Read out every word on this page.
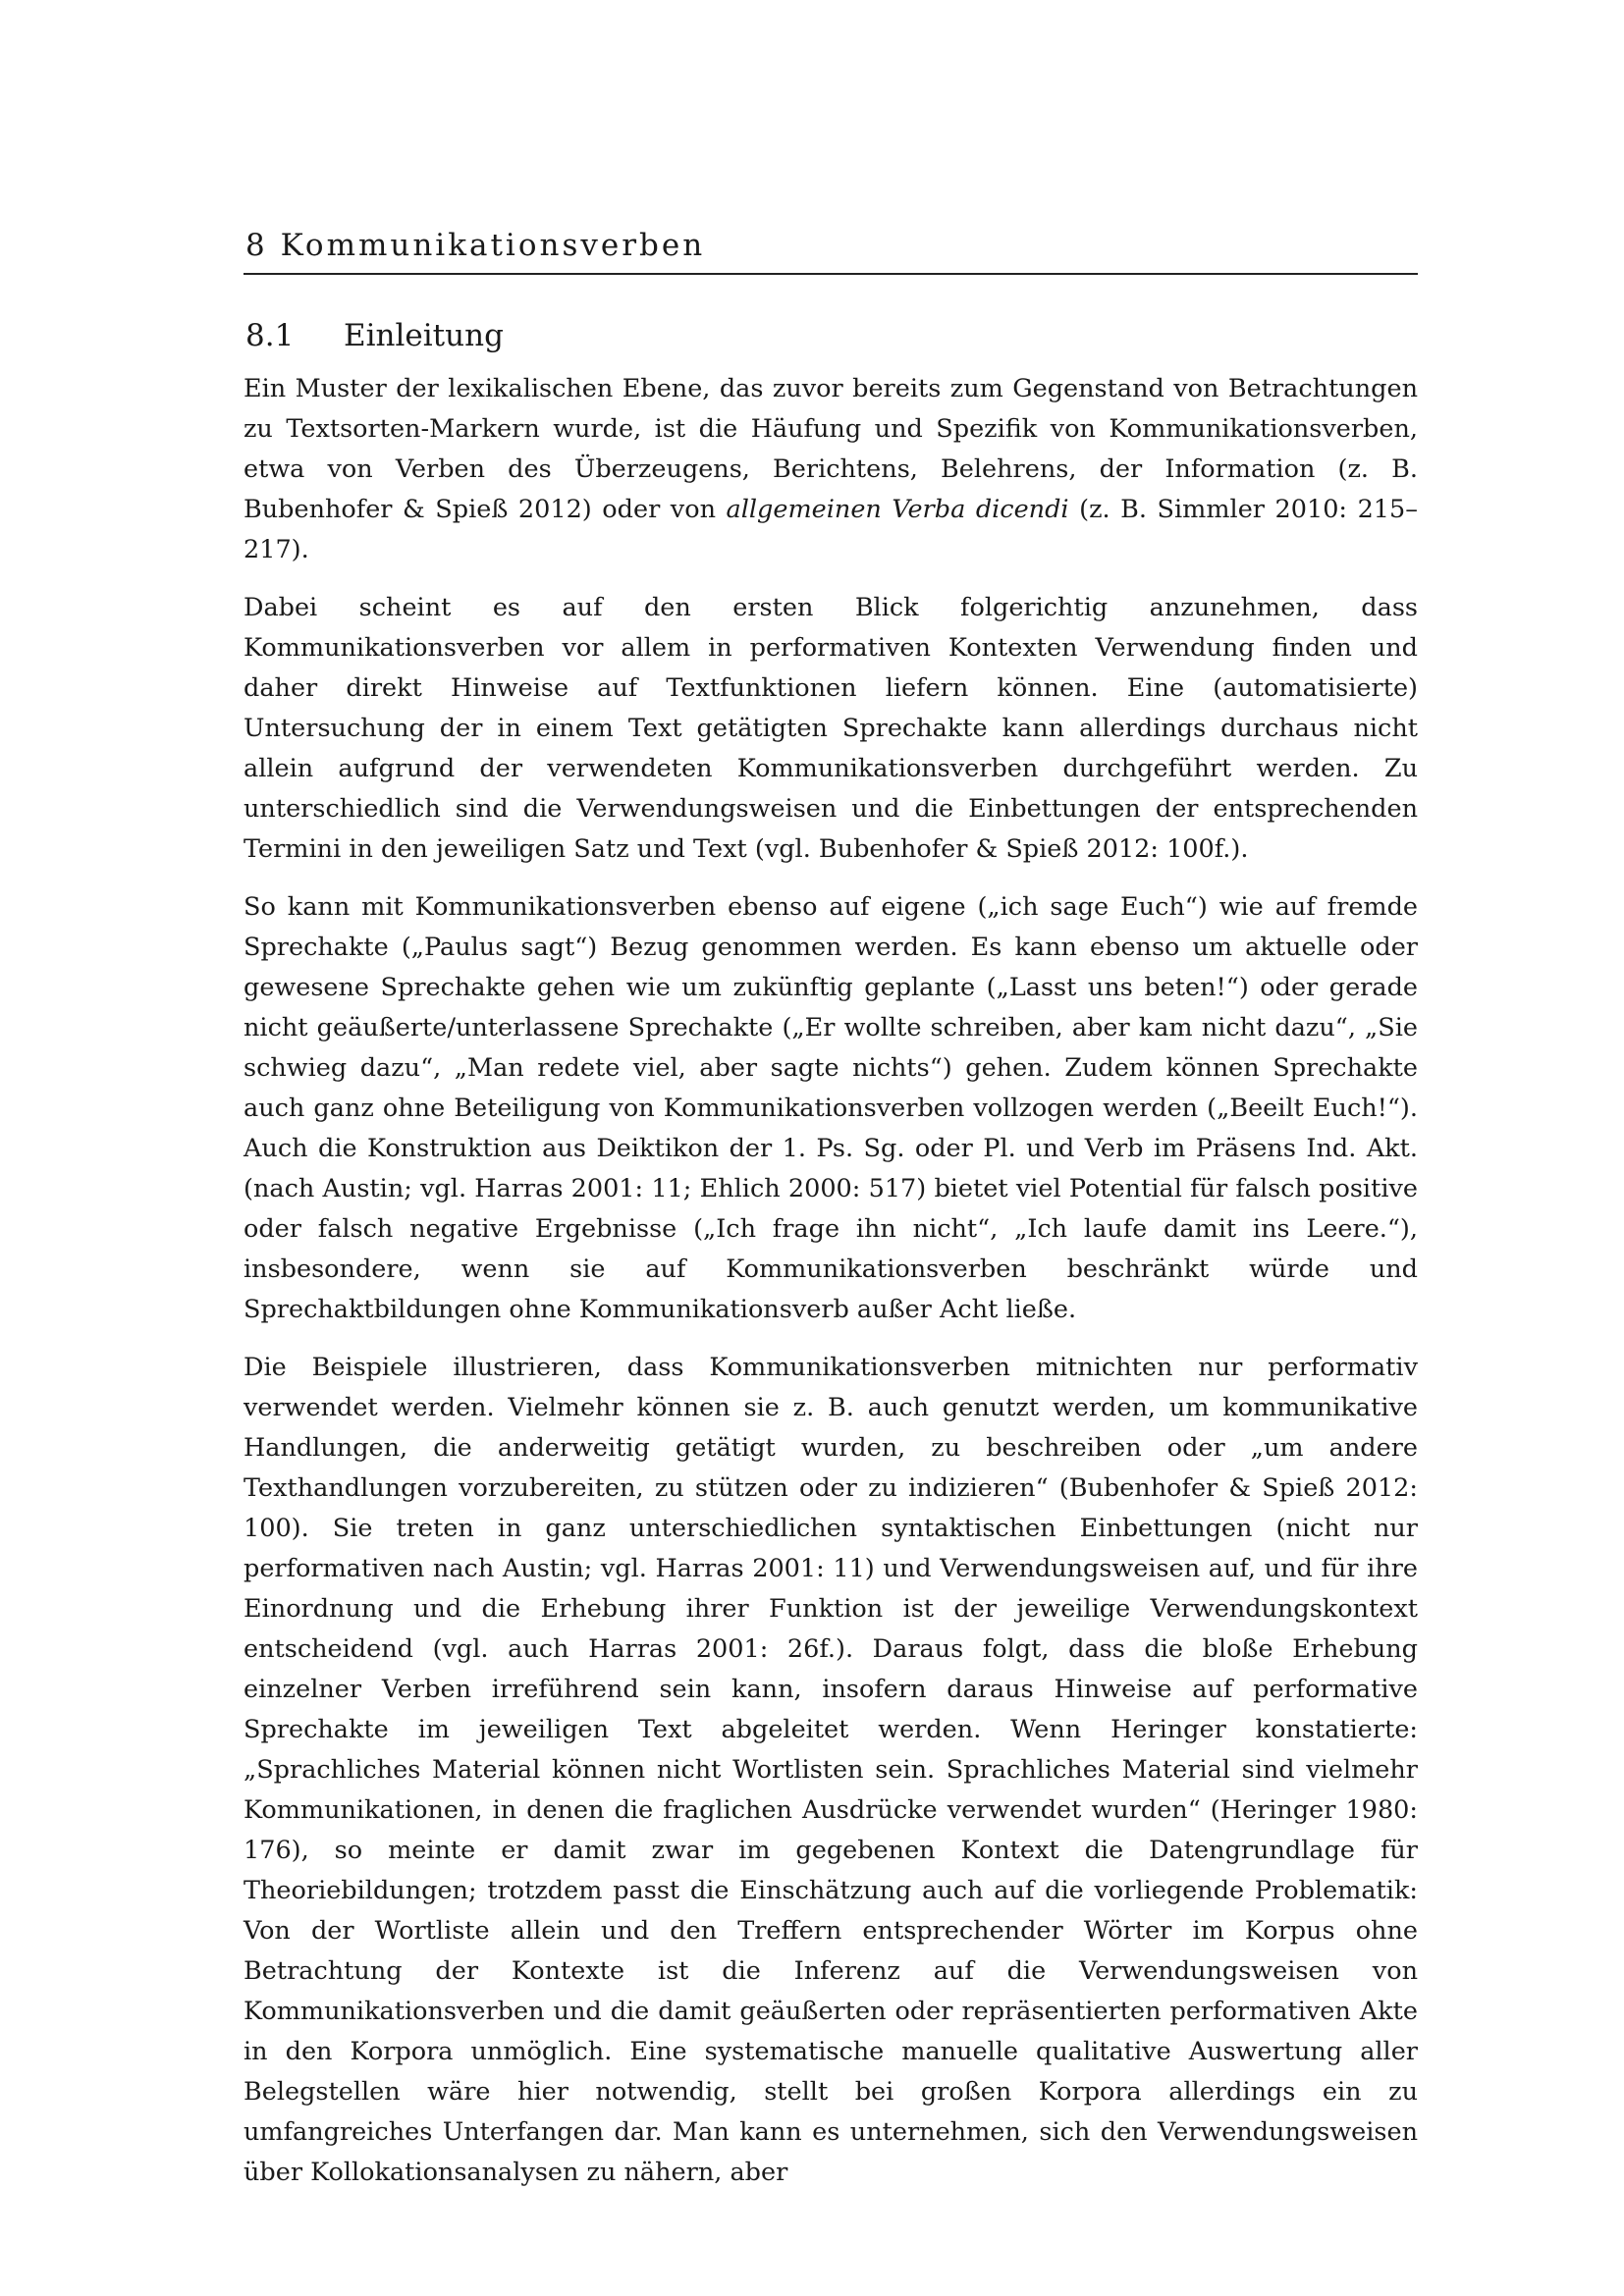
8 Kommunikationsverben
8.1	Einleitung

Ein Muster der lexikalischen Ebene, das zuvor bereits zum Gegenstand von Betrachtungen zu Textsorten-Markern wurde, ist die Häufung und Spezifik von Kommunikationsverben, etwa von Verben des Überzeugens, Berichtens, Belehrens, der Information (z. B. Bubenhofer & Spieß 2012) oder von allgemeinen Verba dicendi (z. B. Simmler 2010: 215–217).

Dabei scheint es auf den ersten Blick folgerichtig anzunehmen, dass Kommunikationsverben vor allem in performativen Kontexten Verwendung finden und daher direkt Hinweise auf Textfunktionen liefern können. Eine (automatisierte) Untersuchung der in einem Text getätigten Sprechakte kann allerdings durchaus nicht allein aufgrund der verwendeten Kommunikationsverben durchgeführt werden. Zu unterschiedlich sind die Verwendungsweisen und die Einbettungen der entsprechenden Termini in den jeweiligen Satz und Text (vgl. Bubenhofer & Spieß 2012: 100f.).

So kann mit Kommunikationsverben ebenso auf eigene („ich sage Euch“) wie auf fremde Sprechakte („Paulus sagt“) Bezug genommen werden. Es kann ebenso um aktuelle oder gewesene Sprechakte gehen wie um zukünftig geplante („Lasst uns beten!“) oder gerade nicht geäußerte/unterlassene Sprechakte („Er wollte schreiben, aber kam nicht dazu“, „Sie schwieg dazu“, „Man redete viel, aber sagte nichts“) gehen. Zudem können Sprechakte auch ganz ohne Beteiligung von Kommunikationsverben vollzogen werden („Beeilt Euch!“). Auch die Konstruktion aus Deiktikon der 1. Ps. Sg. oder Pl. und Verb im Präsens Ind. Akt. (nach Austin; vgl. Harras 2001: 11; Ehlich 2000: 517) bietet viel Potential für falsch positive oder falsch negative Ergebnisse („Ich frage ihn nicht“, „Ich laufe damit ins Leere.“), insbesondere, wenn sie auf Kommunikationsverben beschränkt würde und Sprechaktbildungen ohne Kommunikationsverb außer Acht ließe.

Die Beispiele illustrieren, dass Kommunikationsverben mitnichten nur performativ verwendet werden. Vielmehr können sie z. B. auch genutzt werden, um kommunikative Handlungen, die anderweitig getätigt wurden, zu beschreiben oder „um andere Texthandlungen vorzubereiten, zu stützen oder zu indizieren“ (Bubenhofer & Spieß 2012: 100). Sie treten in ganz unterschiedlichen syntaktischen Einbettungen (nicht nur performativen nach Austin; vgl. Harras 2001: 11) und Verwendungsweisen auf, und für ihre Einordnung und die Erhebung ihrer Funktion ist der jeweilige Verwendungskontext entscheidend (vgl. auch Harras 2001: 26f.). Daraus folgt, dass die bloße Erhebung einzelner Verben irreführend sein kann, insofern daraus Hinweise auf performative Sprechakte im jeweiligen Text abgeleitet werden. Wenn Heringer konstatierte: „Sprachliches Material können nicht Wortlisten sein. Sprachliches Material sind vielmehr Kommunikationen, in denen die fraglichen Ausdrücke verwendet wurden“ (Heringer 1980: 176), so meinte er damit zwar im gegebenen Kontext die Datengrundlage für Theoriebildungen; trotzdem passt die Einschätzung auch auf die vorliegende Problematik: Von der Wortliste allein und den Treffern entsprechender Wörter im Korpus ohne Betrachtung der Kontexte ist die Inferenz auf die Verwendungsweisen von Kommunikationsverben und die damit geäußerten oder repräsentierten performativen Akte in den Korpora unmöglich. Eine systematische manuelle qualitative Auswertung aller Belegstellen wäre hier notwendig, stellt bei großen Korpora allerdings ein zu umfangreiches Unterfangen dar. Man kann es unternehmen, sich den Verwendungsweisen über Kollokationsanalysen zu nähern, aber
